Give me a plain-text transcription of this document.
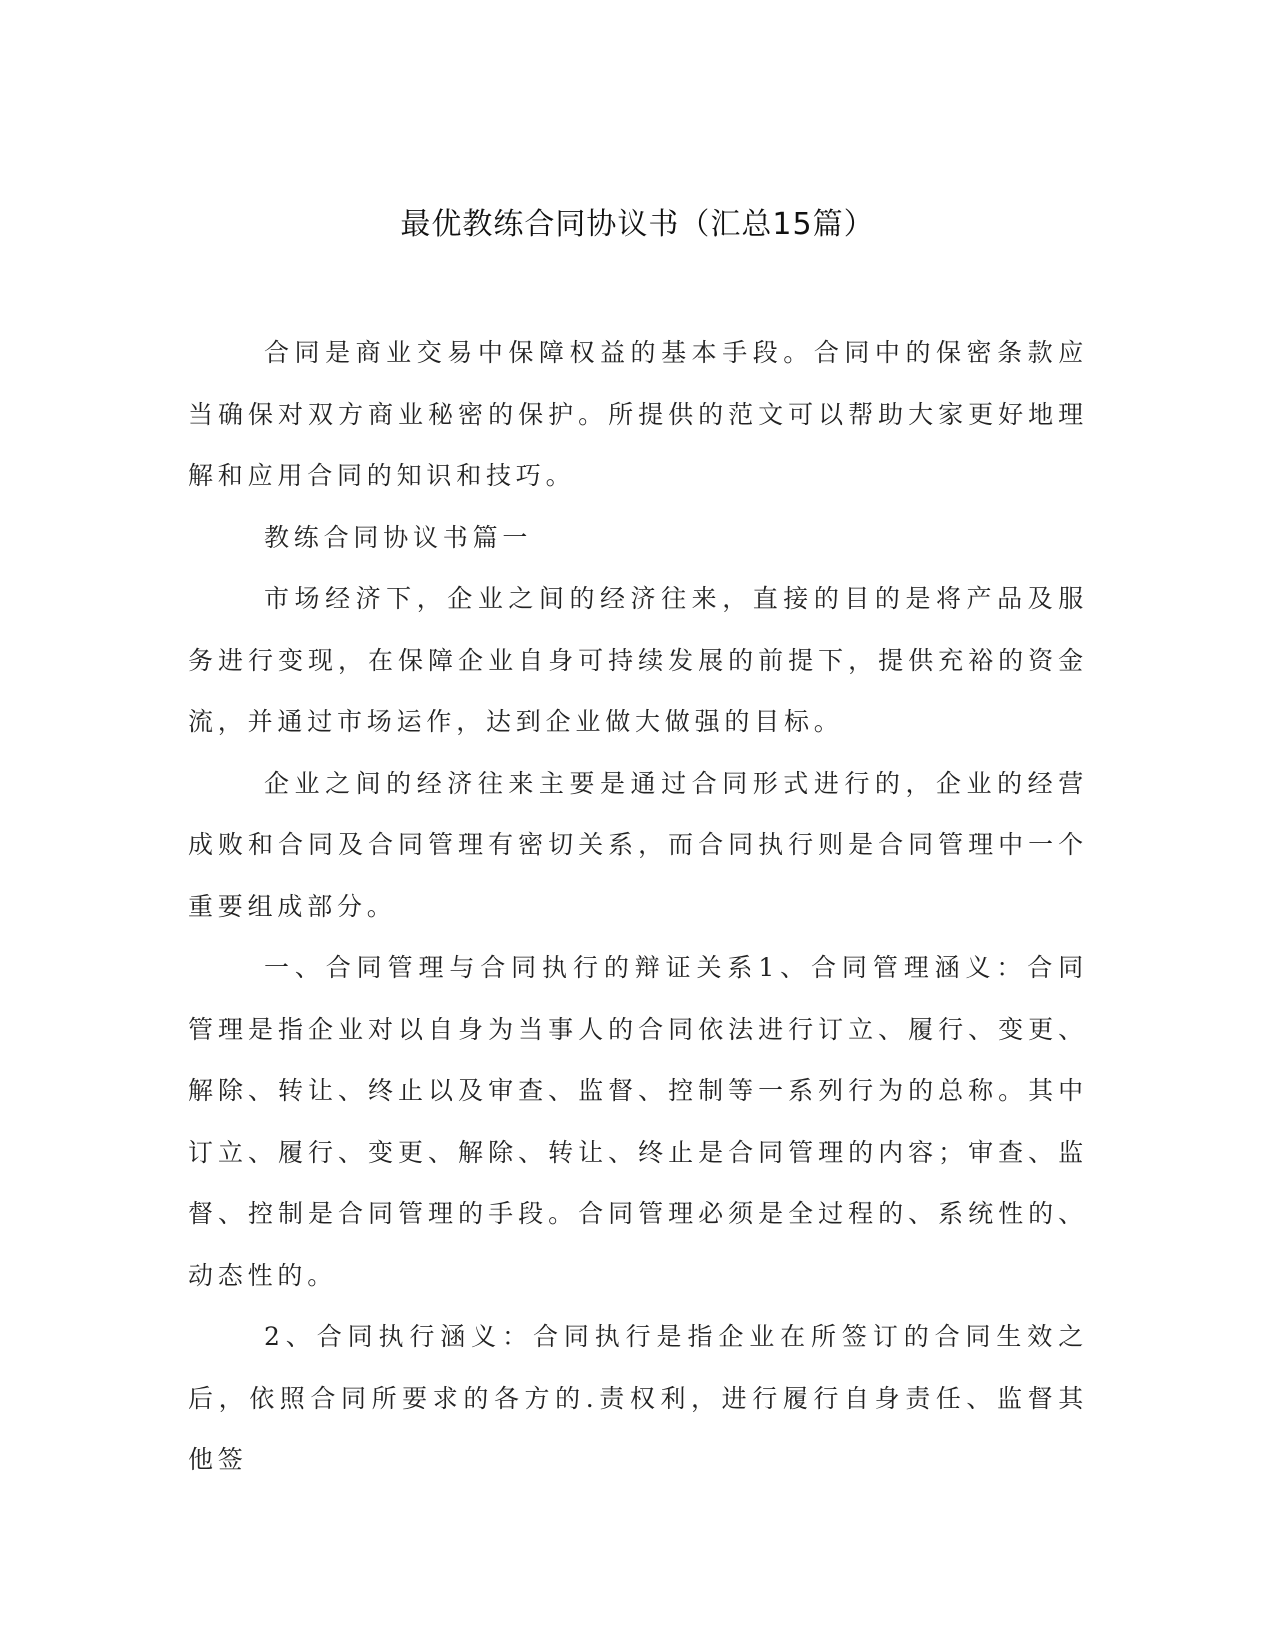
最优教练合同协议书（汇总15篇）

合同是商业交易中保障权益的基本手段。合同中的保密条款应当确保对双方商业秘密的保护。所提供的范文可以帮助大家更好地理解和应用合同的知识和技巧。

教练合同协议书篇一

市场经济下，企业之间的经济往来，直接的目的是将产品及服务进行变现，在保障企业自身可持续发展的前提下，提供充裕的资金流，并通过市场运作，达到企业做大做强的目标。

企业之间的经济往来主要是通过合同形式进行的，企业的经营成败和合同及合同管理有密切关系，而合同执行则是合同管理中一个重要组成部分。

一、合同管理与合同执行的辩证关系1、合同管理涵义：合同管理是指企业对以自身为当事人的合同依法进行订立、履行、变更、解除、转让、终止以及审查、监督、控制等一系列行为的总称。其中订立、履行、变更、解除、转让、终止是合同管理的内容；审查、监督、控制是合同管理的手段。合同管理必须是全过程的、系统性的、动态性的。

2、合同执行涵义：合同执行是指企业在所签订的合同生效之后，依照合同所要求的各方的.责权利，进行履行自身责任、监督其他签
